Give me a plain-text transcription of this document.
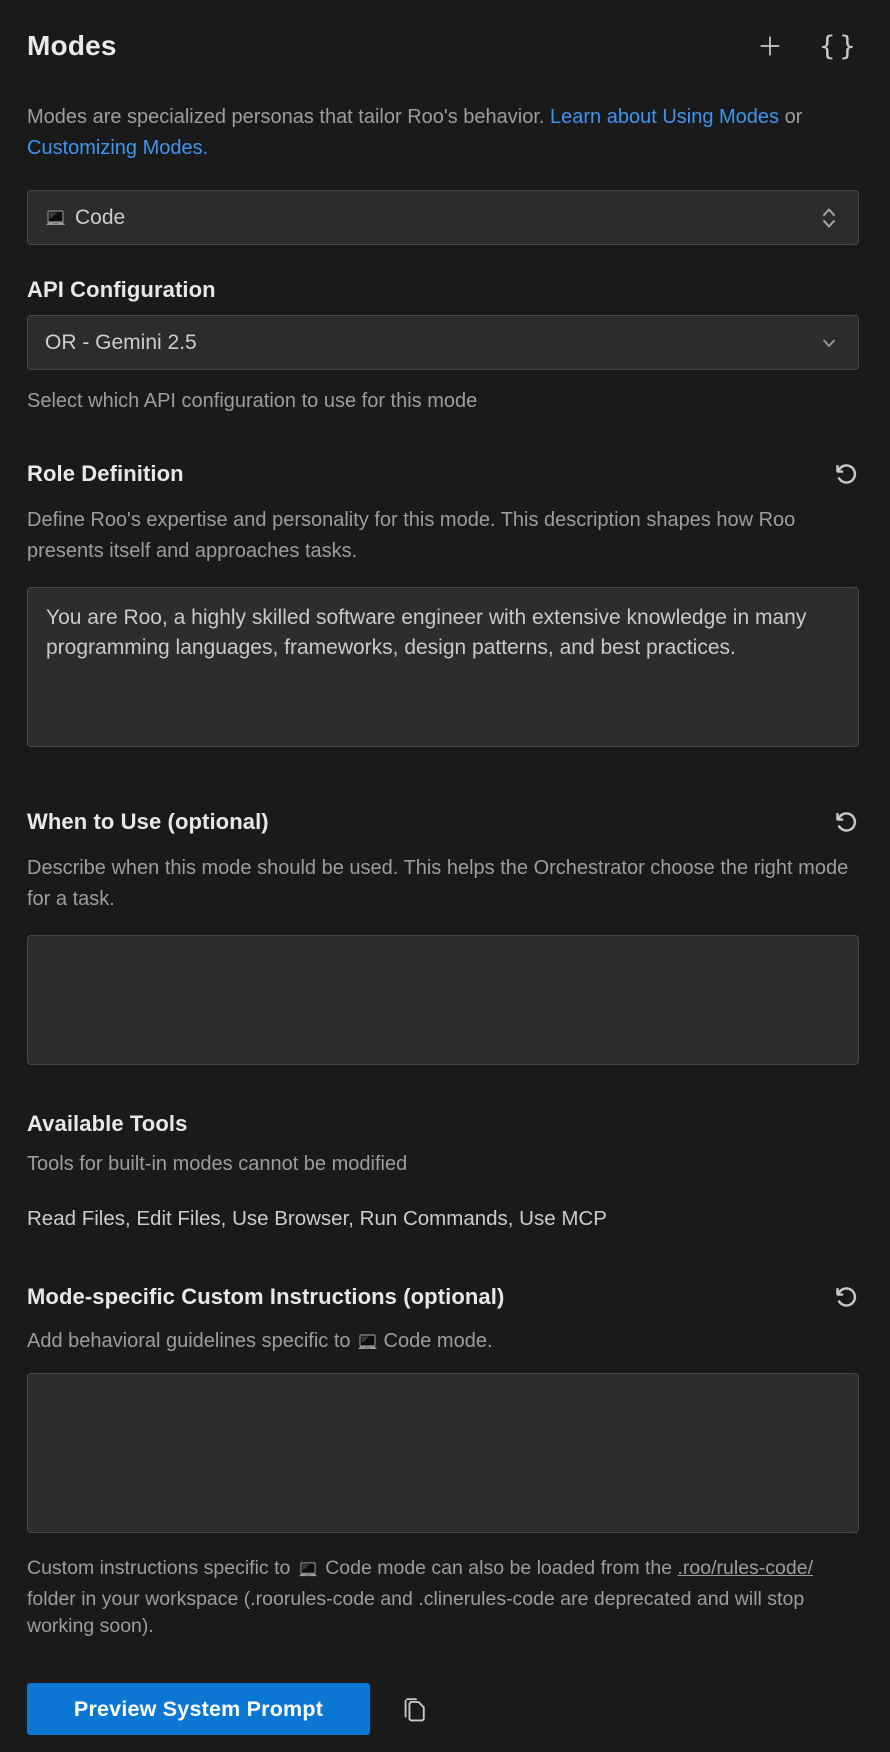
Modes	{}

Modes are specialized personas that tailor Roo's behavior. Learn about Using Modes or Customizing Modes.

Code
API Configuration
OR - Gemini 2.5
Select which API configuration to use for this mode
Role Definition
Define Roo's expertise and personality for this mode. This description shapes how Roo presents itself and approaches tasks.
You are Roo, a highly skilled software engineer with extensive knowledge in many programming languages, frameworks, design patterns, and best practices.
When to Use (optional)
Describe when this mode should be used. This helps the Orchestrator choose the right mode for a task.
Available Tools
Tools for built-in modes cannot be modified
Read Files, Edit Files, Use Browser, Run Commands, Use MCP
Mode-specific Custom Instructions (optional)
Add behavioral guidelines specific to Code mode.

Custom instructions specific to Code mode can also be loaded from the .roo/rules-code/ folder in your workspace (.roorules-code and .clinerules-code are deprecated and will stop working soon).

Preview System Prompt
